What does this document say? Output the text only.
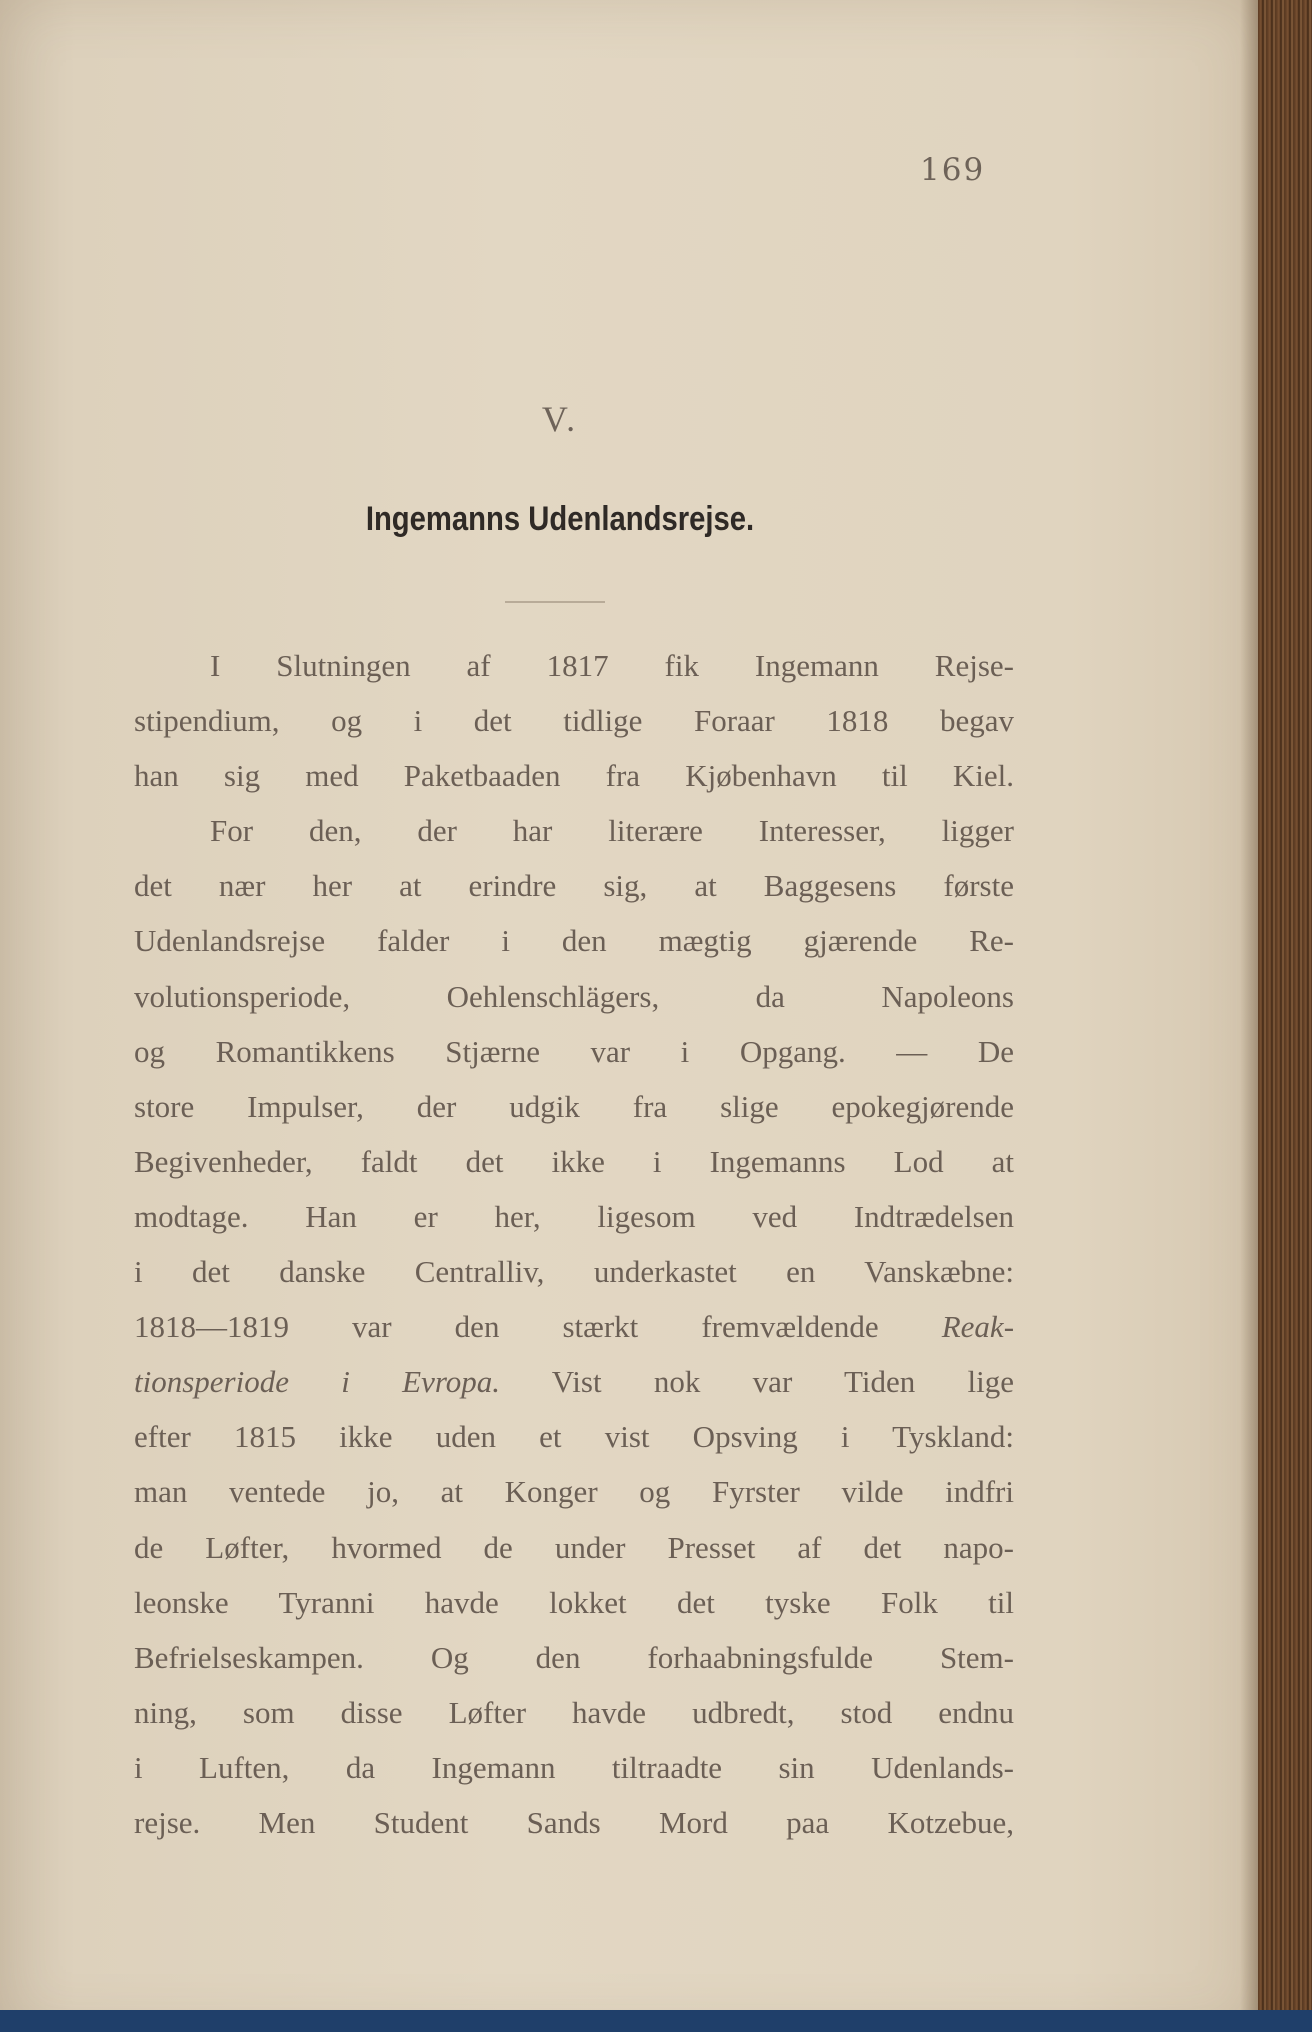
169
V.
Ingemanns Udenlandsrejse.
I Slutningen af 1817 fik Ingemann Rejse-
stipendium, og i det tidlige Foraar 1818 begav
han sig med Paketbaaden fra Kjøbenhavn til Kiel.
For den, der har literære Interesser, ligger
det nær her at erindre sig, at Baggesens første
Udenlandsrejse falder i den mægtig gjærende Re-
volutionsperiode, Oehlenschlägers, da Napoleons
og Romantikkens Stjærne var i Opgang. — De
store Impulser, der udgik fra slige epokegjørende
Begivenheder, faldt det ikke i Ingemanns Lod at
modtage. Han er her, ligesom ved Indtrædelsen
i det danske Centralliv, underkastet en Vanskæbne:
1818—1819 var den stærkt fremvældende Reak-
tionsperiode i Evropa. Vist nok var Tiden lige
efter 1815 ikke uden et vist Opsving i Tyskland:
man ventede jo, at Konger og Fyrster vilde indfri
de Løfter, hvormed de under Presset af det napo-
leonske Tyranni havde lokket det tyske Folk til
Befrielseskampen. Og den forhaabningsfulde Stem-
ning, som disse Løfter havde udbredt, stod endnu
i Luften, da Ingemann tiltraadte sin Udenlands-
rejse. Men Student Sands Mord paa Kotzebue,
